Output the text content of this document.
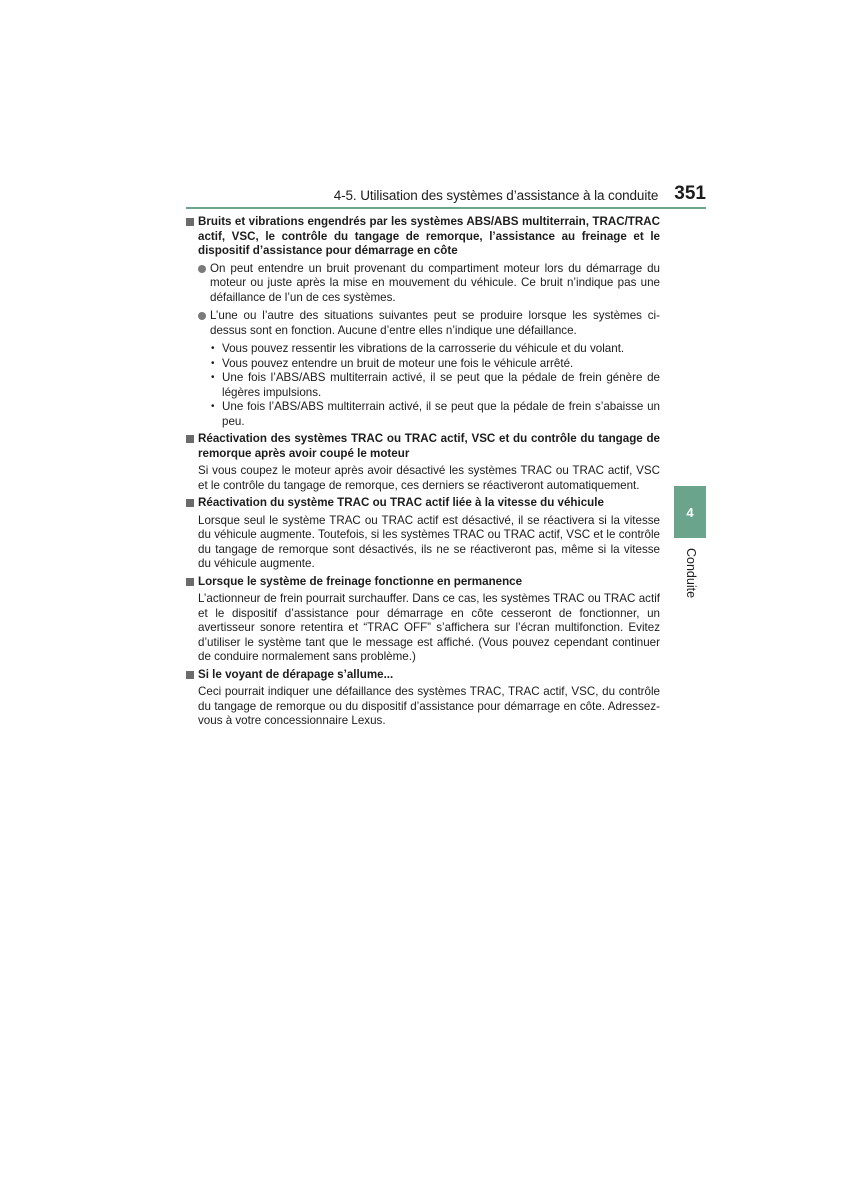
4-5. Utilisation des systèmes d’assistance à la conduite 351
4
Conduite
Bruits et vibrations engendrés par les systèmes ABS/ABS multiterrain, TRAC/TRAC actif, VSC, le contrôle du tangage de remorque, l’assistance au freinage et le dispositif d’assistance pour démarrage en côte
On peut entendre un bruit provenant du compartiment moteur lors du démarrage du moteur ou juste après la mise en mouvement du véhicule. Ce bruit n’indique pas une défaillance de l’un de ces systèmes.
L’une ou l’autre des situations suivantes peut se produire lorsque les systèmes ci-dessus sont en fonction. Aucune d’entre elles n’indique une défaillance.
• Vous pouvez ressentir les vibrations de la carrosserie du véhicule et du volant.
• Vous pouvez entendre un bruit de moteur une fois le véhicule arrêté.
• Une fois l’ABS/ABS multiterrain activé, il se peut que la pédale de frein génère de légères impulsions.
• Une fois l’ABS/ABS multiterrain activé, il se peut que la pédale de frein s’abaisse un peu.
Réactivation des systèmes TRAC ou TRAC actif, VSC et du contrôle du tangage de remorque après avoir coupé le moteur
Si vous coupez le moteur après avoir désactivé les systèmes TRAC ou TRAC actif, VSC et le contrôle du tangage de remorque, ces derniers se réactiveront automatiquement.
Réactivation du système TRAC ou TRAC actif liée à la vitesse du véhicule
Lorsque seul le système TRAC ou TRAC actif est désactivé, il se réactivera si la vitesse du véhicule augmente. Toutefois, si les systèmes TRAC ou TRAC actif, VSC et le contrôle du tangage de remorque sont désactivés, ils ne se réactiveront pas, même si la vitesse du véhicule augmente.
Lorsque le système de freinage fonctionne en permanence
L’actionneur de frein pourrait surchauffer. Dans ce cas, les systèmes TRAC ou TRAC actif et le dispositif d’assistance pour démarrage en côte cesseront de fonctionner, un avertisseur sonore retentira et “TRAC OFF” s’affichera sur l’écran multifonction. Evitez d’utiliser le système tant que le message est affiché. (Vous pouvez cependant continuer de conduire normalement sans problème.)
Si le voyant de dérapage s’allume...
Ceci pourrait indiquer une défaillance des systèmes TRAC, TRAC actif, VSC, du contrôle du tangage de remorque ou du dispositif d’assistance pour démarrage en côte. Adressez-vous à votre concessionnaire Lexus.
